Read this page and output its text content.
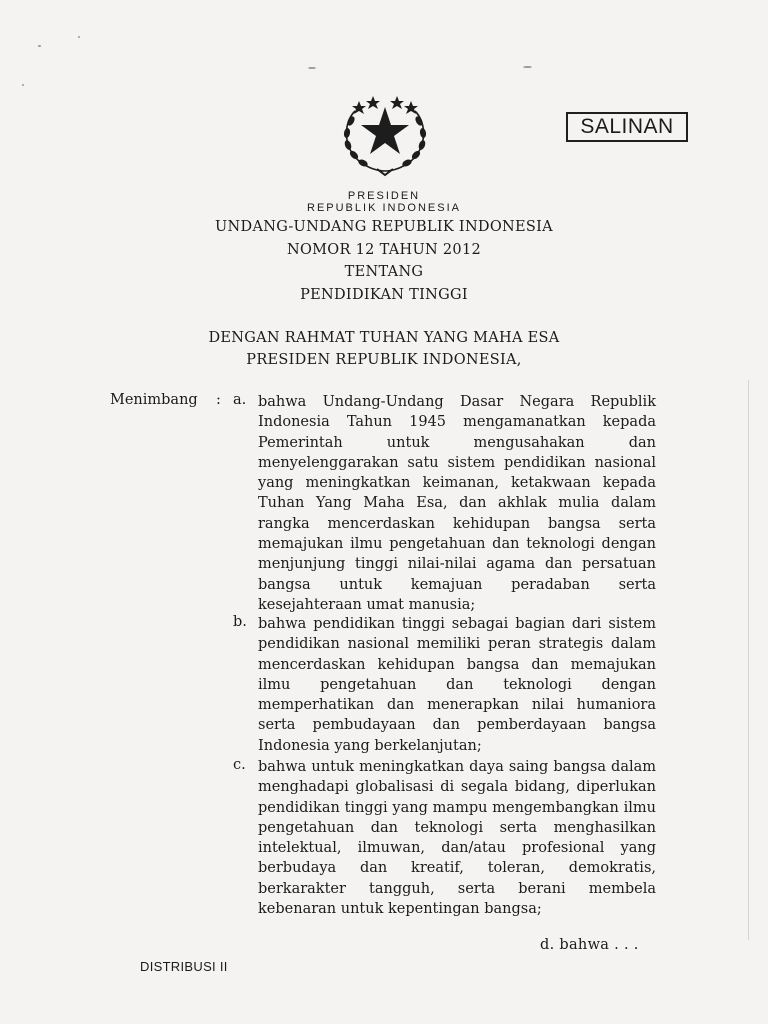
SALINAN
PRESIDEN
REPUBLIK INDONESIA
UNDANG-UNDANG REPUBLIK INDONESIA
NOMOR 12 TAHUN 2012
TENTANG
PENDIDIKAN TINGGI
DENGAN RAHMAT TUHAN YANG MAHA ESA
PRESIDEN REPUBLIK INDONESIA,
Menimbang : a. bahwa Undang-Undang Dasar Negara Republik
Indonesia Tahun 1945 mengamanatkan kepada
Pemerintah untuk mengusahakan dan
menyelenggarakan satu sistem pendidikan nasional
yang meningkatkan keimanan, ketakwaan kepada
Tuhan Yang Maha Esa, dan akhlak mulia dalam
rangka mencerdaskan kehidupan bangsa serta
memajukan ilmu pengetahuan dan teknologi dengan
menjunjung tinggi nilai-nilai agama dan persatuan
bangsa untuk kemajuan peradaban serta
kesejahteraan umat manusia;
b. bahwa pendidikan tinggi sebagai bagian dari sistem
pendidikan nasional memiliki peran strategis dalam
mencerdaskan kehidupan bangsa dan memajukan
ilmu pengetahuan dan teknologi dengan
memperhatikan dan menerapkan nilai humaniora
serta pembudayaan dan pemberdayaan bangsa
Indonesia yang berkelanjutan;
c. bahwa untuk meningkatkan daya saing bangsa dalam
menghadapi globalisasi di segala bidang, diperlukan
pendidikan tinggi yang mampu mengembangkan ilmu
pengetahuan dan teknologi serta menghasilkan
intelektual, ilmuwan, dan/atau profesional yang
berbudaya dan kreatif, toleran, demokratis,
berkarakter tangguh, serta berani membela
kebenaran untuk kepentingan bangsa;
d. bahwa . . .
DISTRIBUSI II
